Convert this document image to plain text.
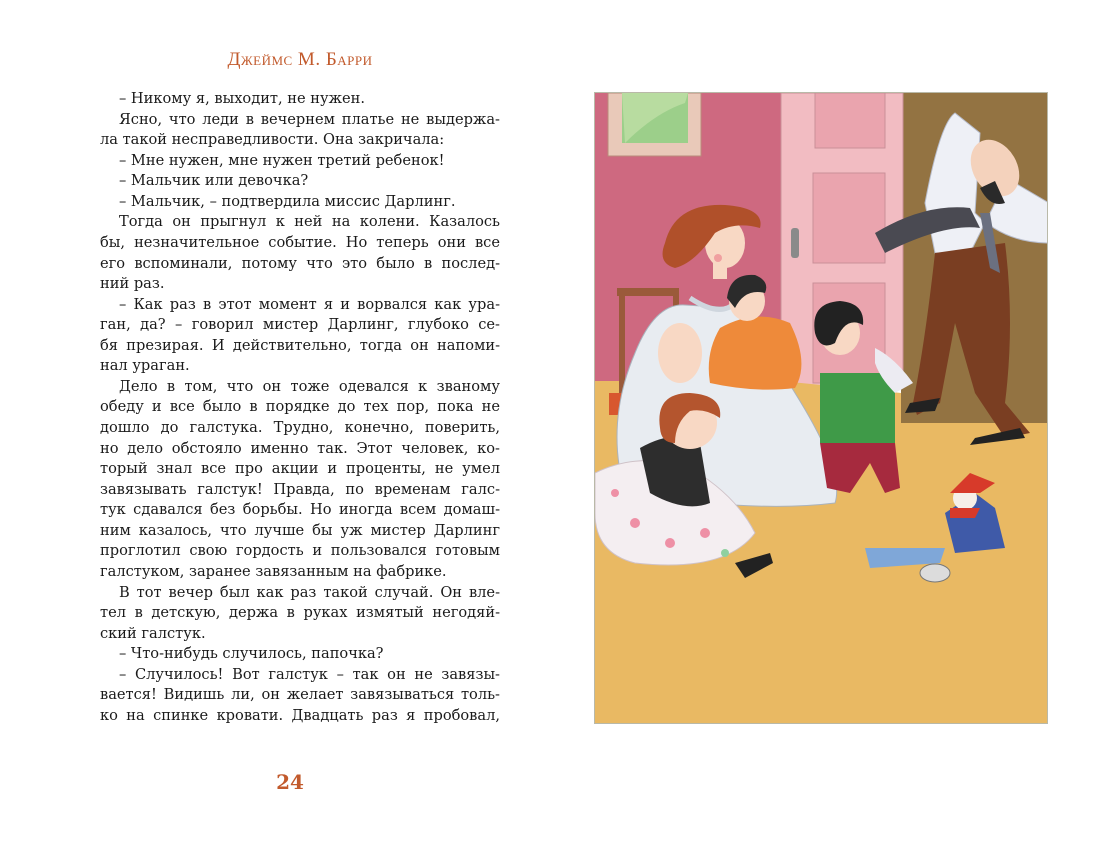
Джеймс М. Барри
– Никому я, выходит, не нужен.
Ясно, что леди в вечернем платье не выдержа-
ла такой несправедливости. Она закричала:
– Мне нужен, мне нужен третий ребенок!
– Мальчик или девочка?
– Мальчик, – подтвердила миссис Дарлинг.
Тогда он прыгнул к ней на колени. Казалось
бы, незначительное событие. Но теперь они все
его вспоминали, потому что это было в послед-
ний раз.
– Как раз в этот момент я и ворвался как ура-
ган, да? – говорил мистер Дарлинг, глубоко се-
бя презирая. И действительно, тогда он напоми-
нал ураган.
Дело в том, что он тоже одевался к званому
обеду и все было в порядке до тех пор, пока не
дошло до галстука. Трудно, конечно, поверить,
но дело обстояло именно так. Этот человек, ко-
торый знал все про акции и проценты, не умел
завязывать галстук! Правда, по временам галс-
тук сдавался без борьбы. Но иногда всем домаш-
ним казалось, что лучше бы уж мистер Дарлинг
проглотил свою гордость и пользовался готовым
галстуком, заранее завязанным на фабрике.
В тот вечер был как раз такой случай. Он вле-
тел в детскую, держа в руках измятый негодяй-
ский галстук.
– Что-нибудь случилось, папочка?
– Случилось! Вот галстук – так он не завязы-
вается! Видишь ли, он желает завязываться толь-
ко на спинке кровати. Двадцать раз я пробовал,
24
